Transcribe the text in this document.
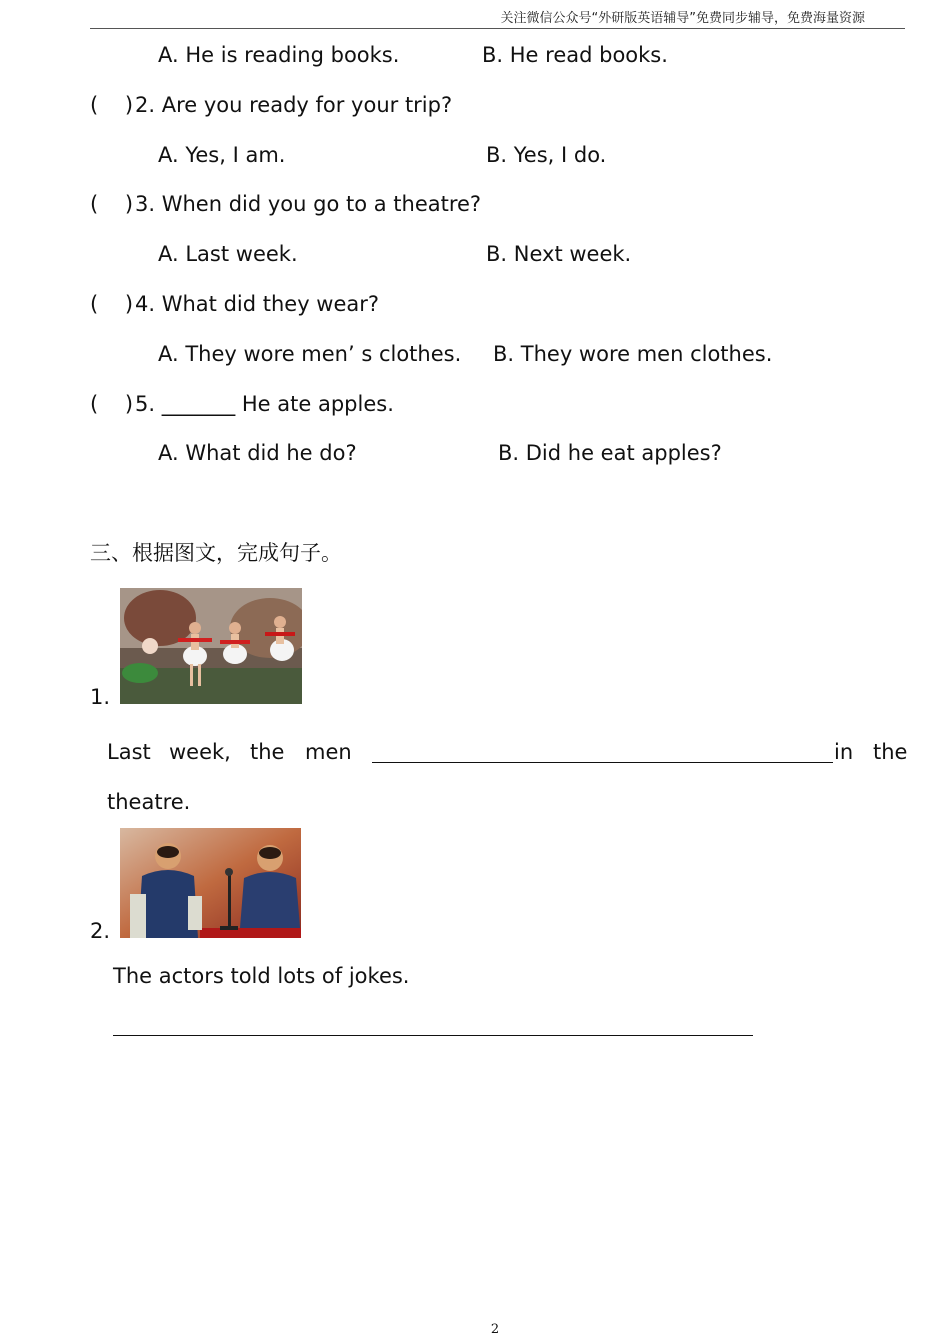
关注微信公众号“外研版英语辅导”免费同步辅导，免费海量资源
A. He is reading books.	B. He read books.
(    ) 2. Are you ready for your trip?
A. Yes, I am.	B. Yes, I do.
(    ) 3. When did you go to a theatre?
A. Last week.	B. Next week.
(    ) 4. What did they wear?
A. They wore men’ s clothes. B. They wore men clothes.
(    ) 5. _______ He ate apples.
A. What did he do?	B. Did he eat apples?
三、根据图文，完成句子。
1.
Last week, the men	in the
theatre.
2.
The actors told lots of jokes.
2
